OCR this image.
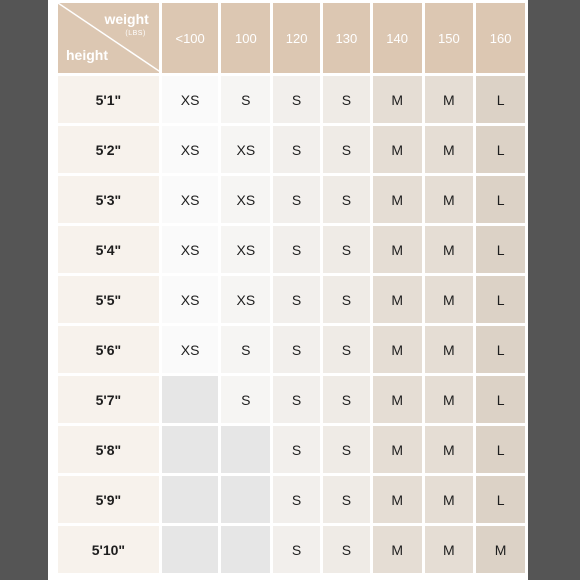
weight
(LBS)
height	<100	100	120	130	140	150	160
5'1"	XS	S	S	S	M	M	L
5'2"	XS	XS	S	S	M	M	L
5'3"	XS	XS	S	S	M	M	L
5'4"	XS	XS	S	S	M	M	L
5'5"	XS	XS	S	S	M	M	L
5'6"	XS	S	S	S	M	M	L
5'7"		S	S	S	M	M	L
5'8"			S	S	M	M	L
5'9"			S	S	M	M	L
5'10"			S	S	M	M	M
